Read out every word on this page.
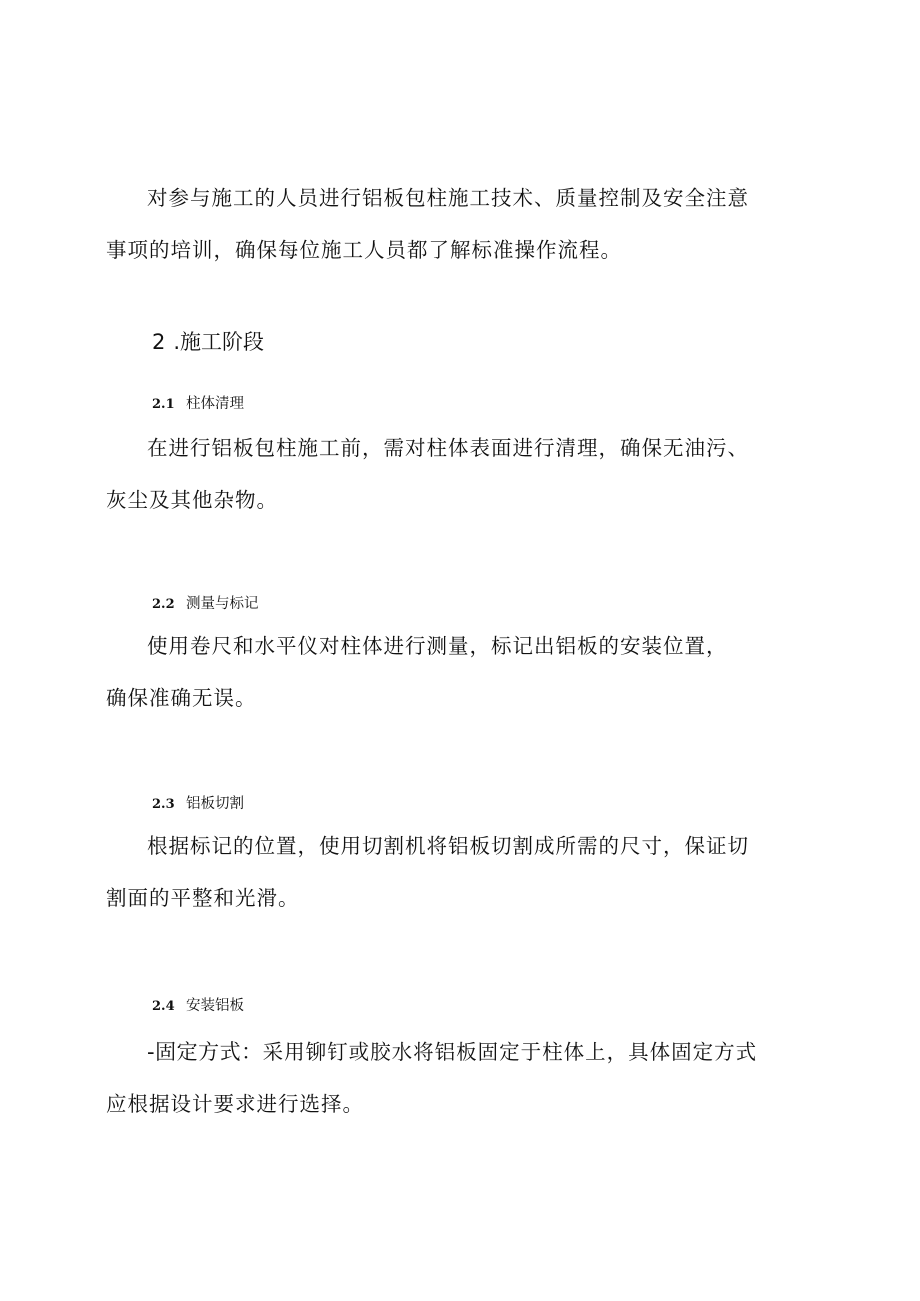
对参与施工的人员进行铝板包柱施工技术、质量控制及安全注意
事项的培训，确保每位施工人员都了解标准操作流程。

2 .施工阶段
2.1 柱体清理

在进行铝板包柱施工前，需对柱体表面进行清理，确保无油污、
灰尘及其他杂物。

2.2 测量与标记

使用卷尺和水平仪对柱体进行测量，标记出铝板的安装位置，
确保准确无误。

2.3 铝板切割

根据标记的位置，使用切割机将铝板切割成所需的尺寸，保证切
割面的平整和光滑。

2.4 安装铝板

-固定方式：采用铆钉或胶水将铝板固定于柱体上，具体固定方式
应根据设计要求进行选择。
